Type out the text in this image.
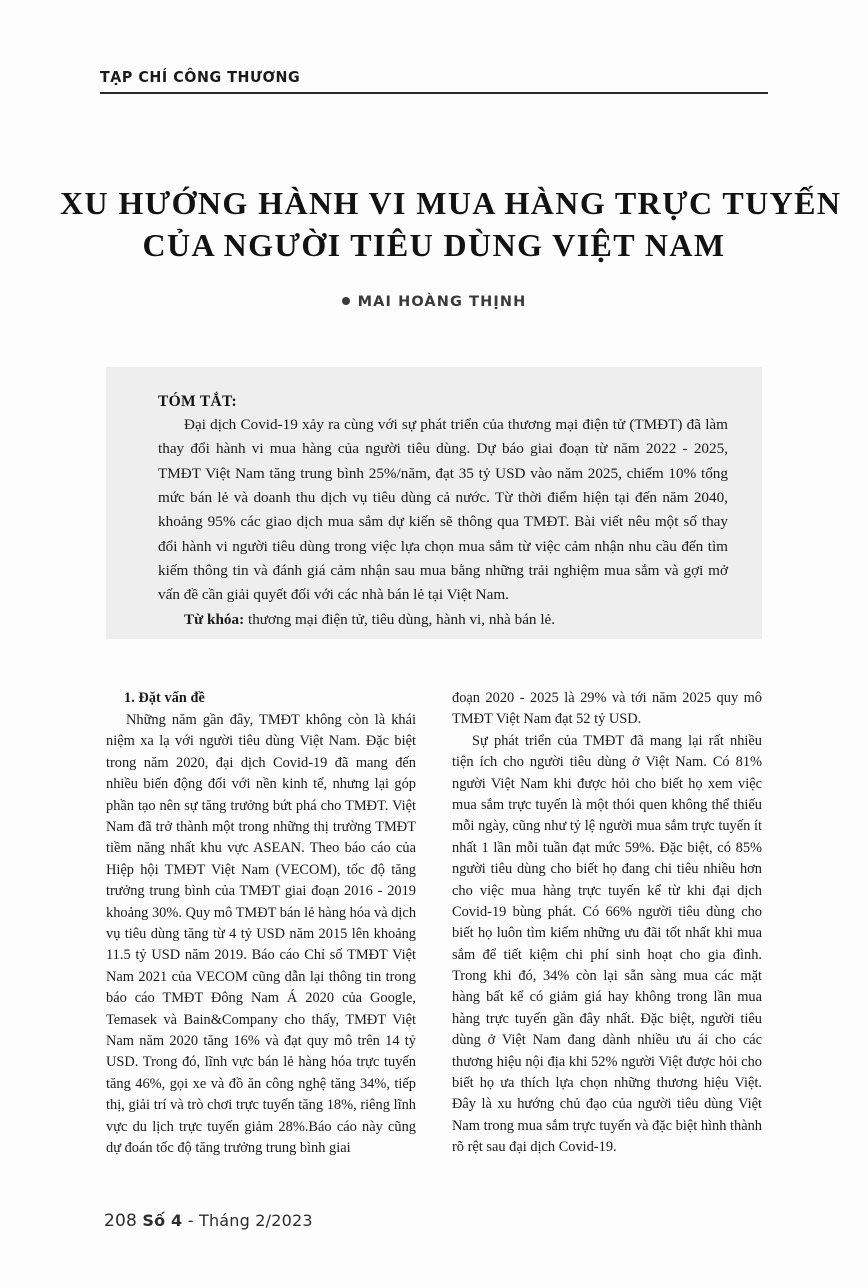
TẠP CHÍ CÔNG THƯƠNG
XU HƯỚNG HÀNH VI MUA HÀNG TRỰC TUYẾN
CỦA NGƯỜI TIÊU DÙNG VIỆT NAM
MAI HOÀNG THỊNH
TÓM TẮT:

Đại dịch Covid-19 xảy ra cùng với sự phát triển của thương mại điện tử (TMĐT) đã làm thay đổi hành vi mua hàng của người tiêu dùng. Dự báo giai đoạn từ năm 2022 - 2025, TMĐT Việt Nam tăng trung bình 25%/năm, đạt 35 tỷ USD vào năm 2025, chiếm 10% tổng mức bán lẻ và doanh thu dịch vụ tiêu dùng cả nước. Từ thời điểm hiện tại đến năm 2040, khoảng 95% các giao dịch mua sắm dự kiến sẽ thông qua TMĐT. Bài viết nêu một số thay đổi hành vi người tiêu dùng trong việc lựa chọn mua sắm từ việc cảm nhận nhu cầu đến tìm kiếm thông tin và đánh giá cảm nhận sau mua bằng những trải nghiệm mua sắm và gợi mở vấn đề cần giải quyết đối với các nhà bán lẻ tại Việt Nam.

Từ khóa: thương mại điện tử, tiêu dùng, hành vi, nhà bán lẻ.

1. Đặt vấn đề

Những năm gần đây, TMĐT không còn là khái niệm xa lạ với người tiêu dùng Việt Nam. Đặc biệt trong năm 2020, đại dịch Covid-19 đã mang đến nhiều biến động đối với nền kinh tế, nhưng lại góp phần tạo nên sự tăng trưởng bứt phá cho TMĐT. Việt Nam đã trở thành một trong những thị trường TMĐT tiềm năng nhất khu vực ASEAN. Theo báo cáo của Hiệp hội TMĐT Việt Nam (VECOM), tốc độ tăng trưởng trung bình của TMĐT giai đoạn 2016 - 2019 khoảng 30%. Quy mô TMĐT bán lẻ hàng hóa và dịch vụ tiêu dùng tăng từ 4 tỷ USD năm 2015 lên khoảng 11.5 tỷ USD năm 2019. Báo cáo Chỉ số TMĐT Việt Nam 2021 của VECOM cũng dẫn lại thông tin trong báo cáo TMĐT Đông Nam Á 2020 của Google, Temasek và Bain&Company cho thấy, TMĐT Việt Nam năm 2020 tăng 16% và đạt quy mô trên 14 tỷ USD. Trong đó, lĩnh vực bán lẻ hàng hóa trực tuyến tăng 46%, gọi xe và đồ ăn công nghệ tăng 34%, tiếp thị, giải trí và trò chơi trực tuyến tăng 18%, riêng lĩnh vực du lịch trực tuyến giảm 28%.Báo cáo này cũng dự đoán tốc độ tăng trưởng trung bình giai

đoạn 2020 - 2025 là 29% và tới năm 2025 quy mô TMĐT Việt Nam đạt 52 tỷ USD.

Sự phát triển của TMĐT đã mang lại rất nhiều tiện ích cho người tiêu dùng ở Việt Nam. Có 81% người Việt Nam khi được hỏi cho biết họ xem việc mua sắm trực tuyến là một thói quen không thể thiếu mỗi ngày, cũng như tỷ lệ người mua sắm trực tuyến ít nhất 1 lần mỗi tuần đạt mức 59%. Đặc biệt, có 85% người tiêu dùng cho biết họ đang chi tiêu nhiều hơn cho việc mua hàng trực tuyến kể từ khi đại dịch Covid-19 bùng phát. Có 66% người tiêu dùng cho biết họ luôn tìm kiếm những ưu đãi tốt nhất khi mua sắm để tiết kiệm chi phí sinh hoạt cho gia đình. Trong khi đó, 34% còn lại sẵn sàng mua các mặt hàng bất kể có giảm giá hay không trong lần mua hàng trực tuyến gần đây nhất. Đặc biệt, người tiêu dùng ở Việt Nam đang dành nhiều ưu ái cho các thương hiệu nội địa khi 52% người Việt được hỏi cho biết họ ưa thích lựa chọn những thương hiệu Việt. Đây là xu hướng chủ đạo của người tiêu dùng Việt Nam trong mua sắm trực tuyến và đặc biệt hình thành rõ rệt sau đại dịch Covid-19.

208 Số 4 - Tháng 2/2023
